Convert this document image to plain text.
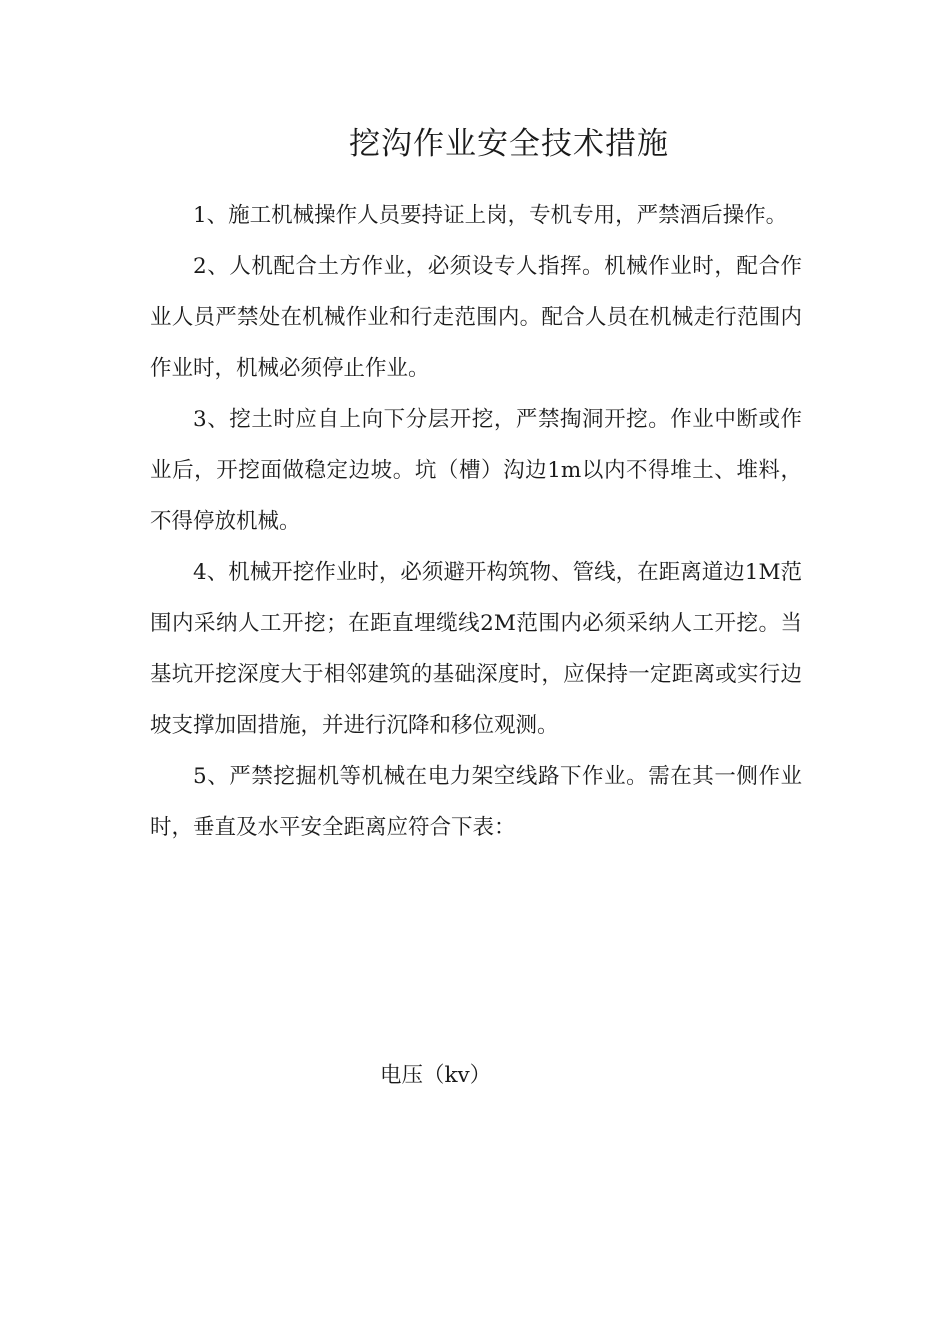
挖沟作业安全技术措施

1、施工机械操作人员要持证上岗，专机专用，严禁酒后操作。

2、人机配合土方作业，必须设专人指挥。机械作业时，配合作业人员严禁处在机械作业和行走范围内。配合人员在机械走行范围内作业时，机械必须停止作业。

3、挖土时应自上向下分层开挖，严禁掏洞开挖。作业中断或作业后，开挖面做稳定边坡。坑（槽）沟边1m以内不得堆土、堆料，不得停放机械。

4、机械开挖作业时，必须避开构筑物、管线，在距离道边1M范围内采纳人工开挖；在距直埋缆线2M范围内必须采纳人工开挖。当基坑开挖深度大于相邻建筑的基础深度时，应保持一定距离或实行边坡支撑加固措施，并进行沉降和移位观测。

5、严禁挖掘机等机械在电力架空线路下作业。需在其一侧作业时，垂直及水平安全距离应符合下表：

电压（kv）
